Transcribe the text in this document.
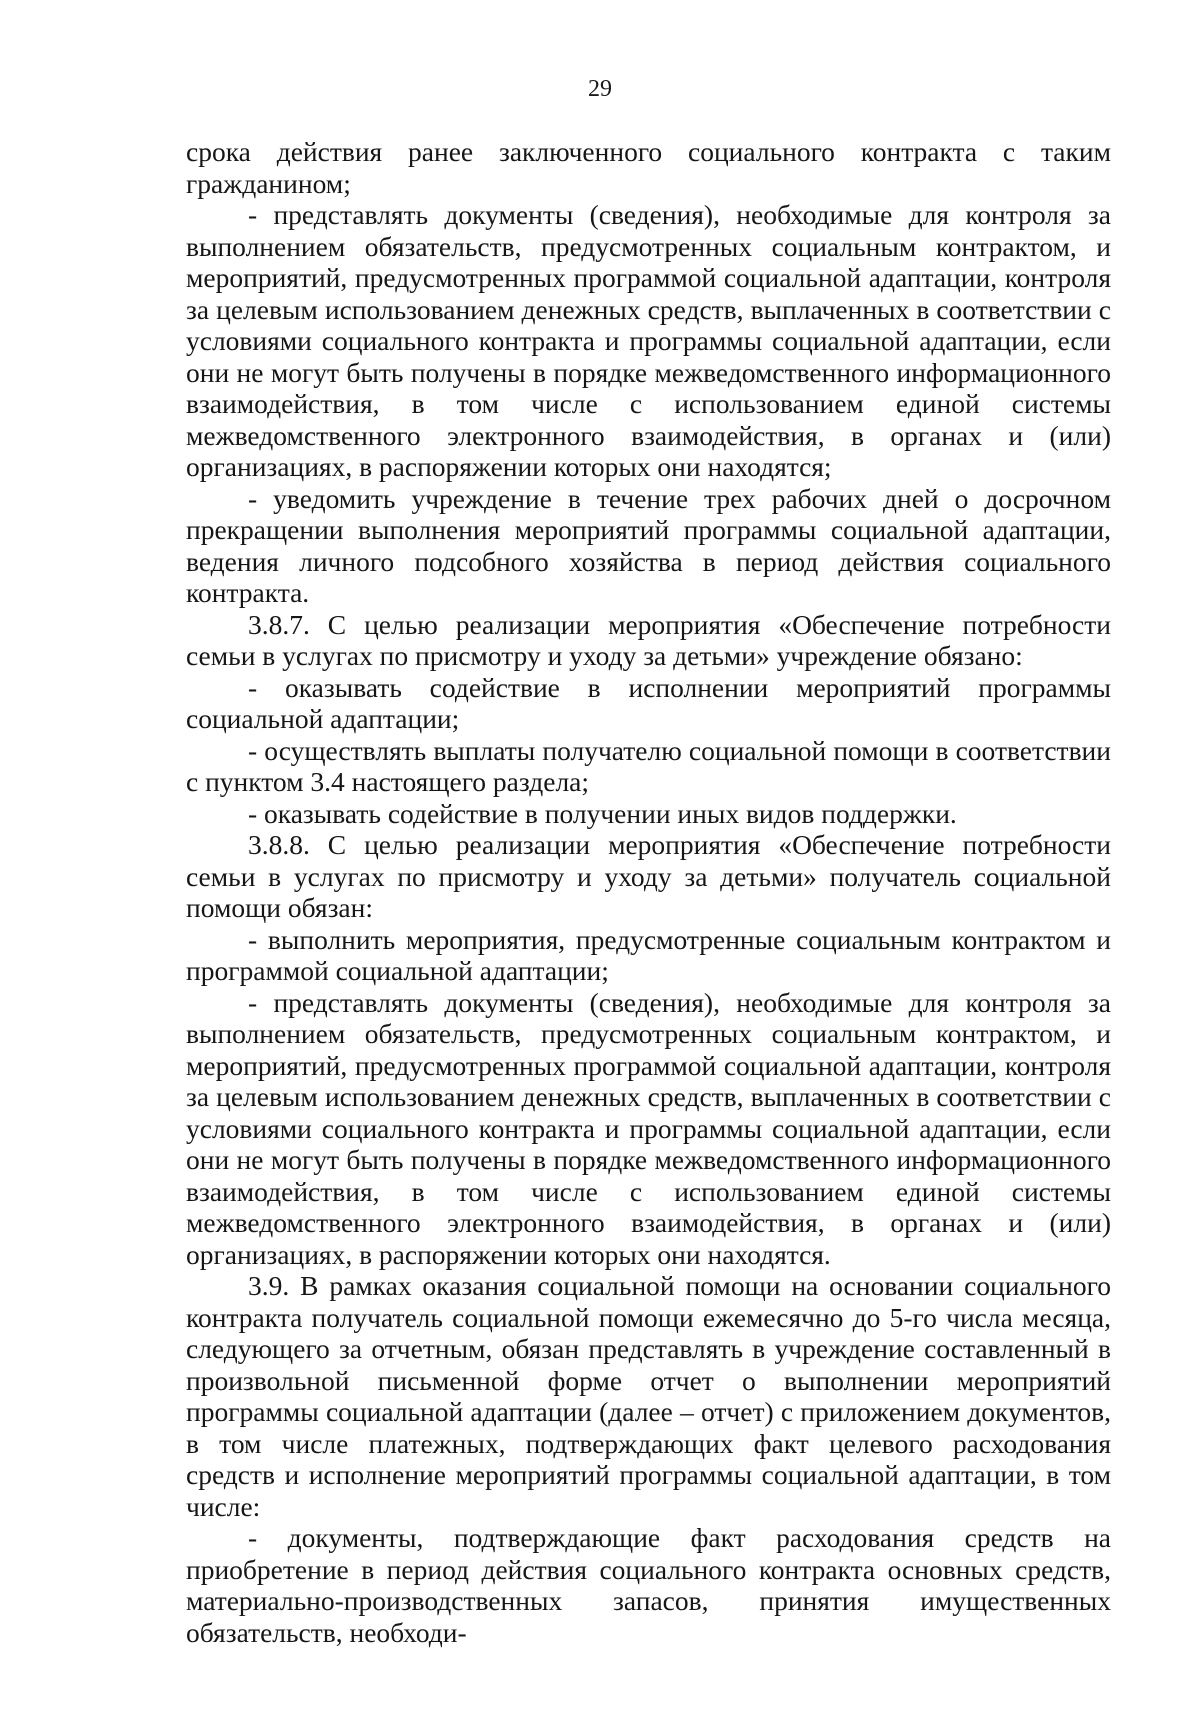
29

срока действия ранее заключенного социального контракта с таким гражданином;

- представлять документы (сведения), необходимые для контроля за выполнением обязательств, предусмотренных социальным контрактом, и мероприятий, предусмотренных программой социальной адаптации, контроля за целевым использованием денежных средств, выплаченных в соответствии с условиями социального контракта и программы социальной адаптации, если они не могут быть получены в порядке межведомственного информационного взаимодействия, в том числе с использованием единой системы межведомственного электронного взаимодействия, в органах и (или) организациях, в распоряжении которых они находятся;

- уведомить учреждение в течение трех рабочих дней о досрочном прекращении выполнения мероприятий программы социальной адаптации, ведения личного подсобного хозяйства в период действия социального контракта.

3.8.7. С целью реализации мероприятия «Обеспечение потребности семьи в услугах по присмотру и уходу за детьми» учреждение обязано:

- оказывать содействие в исполнении мероприятий программы социальной адаптации;

- осуществлять выплаты получателю социальной помощи в соответствии с пунктом 3.4 настоящего раздела;

- оказывать содействие в получении иных видов поддержки.

3.8.8. С целью реализации мероприятия «Обеспечение потребности семьи в услугах по присмотру и уходу за детьми» получатель социальной помощи обязан:

- выполнить мероприятия, предусмотренные социальным контрактом и программой социальной адаптации;

- представлять документы (сведения), необходимые для контроля за выполнением обязательств, предусмотренных социальным контрактом, и мероприятий, предусмотренных программой социальной адаптации, контроля за целевым использованием денежных средств, выплаченных в соответствии с условиями социального контракта и программы социальной адаптации, если они не могут быть получены в порядке межведомственного информационного взаимодействия, в том числе с использованием единой системы межведомственного электронного взаимодействия, в органах и (или) организациях, в распоряжении которых они находятся.

3.9. В рамках оказания социальной помощи на основании социального контракта получатель социальной помощи ежемесячно до 5-го числа месяца, следующего за отчетным, обязан представлять в учреждение составленный в произвольной письменной форме отчет о выполнении мероприятий программы социальной адаптации (далее – отчет) с приложением документов, в том числе платежных, подтверждающих факт целевого расходования средств и исполнение мероприятий программы социальной адаптации, в том числе:

- документы, подтверждающие факт расходования средств на приобретение в период действия социального контракта основных средств, материально-производственных запасов, принятия имущественных обязательств, необходи-
